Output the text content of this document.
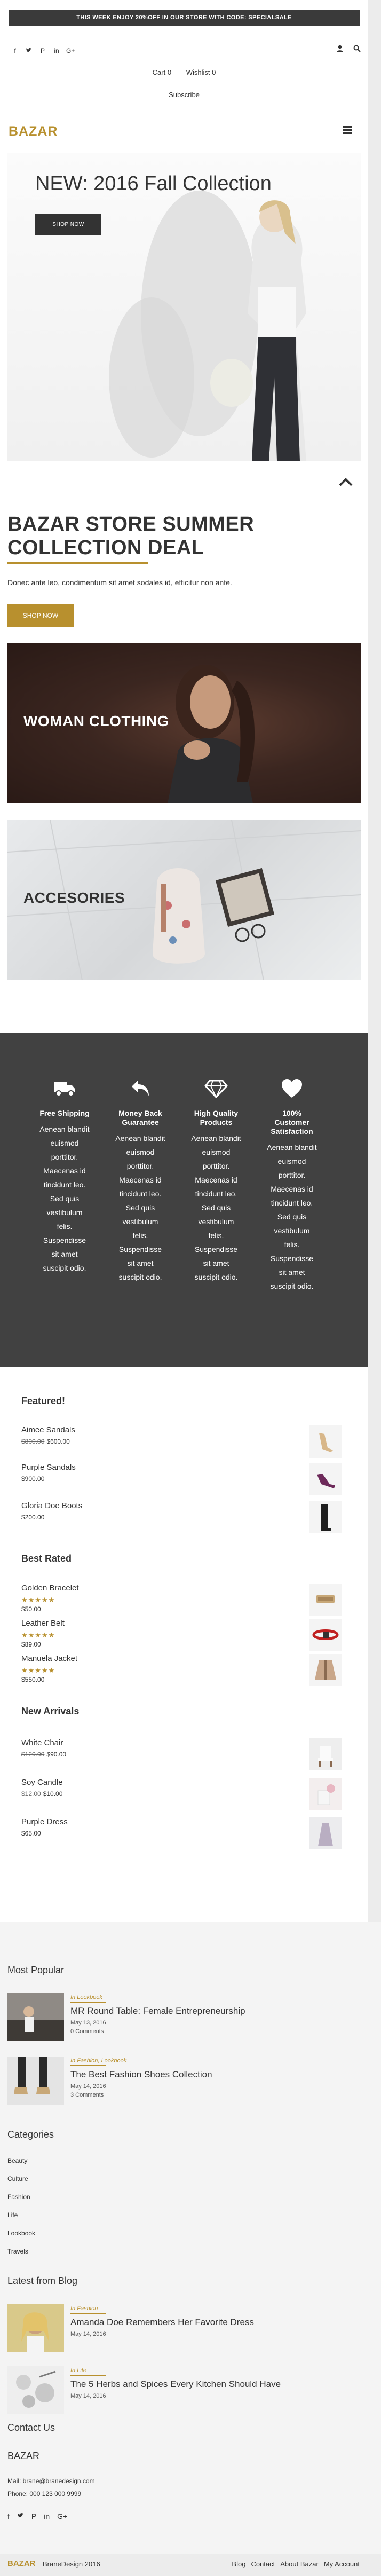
THIS WEEK ENJOY 20%OFF IN OUR STORE WITH CODE: SPECIALSALE
f	P	in G+
Cart 0 Wishlist 0
Subscribe
BAZAR
NEW: 2016 Fall Collection
SHOP NOW
BAZAR STORE SUMMER
COLLECTION DEAL
Donec ante leo, condimentum sit amet sodales id, efficitur non ante.
SHOP NOW
WOMAN CLOTHING
ACCESORIES
Free Shipping
Aenean blandit euismod porttitor. Maecenas id tincidunt leo. Sed quis vestibulum felis. Suspendisse sit amet suscipit odio.
Money Back Guarantee
Aenean blandit euismod porttitor. Maecenas id tincidunt leo. Sed quis vestibulum felis. Suspendisse sit amet suscipit odio.
High Quality Products
Aenean blandit euismod porttitor. Maecenas id tincidunt leo. Sed quis vestibulum felis. Suspendisse sit amet suscipit odio.
100% Customer Satisfaction
Aenean blandit euismod porttitor. Maecenas id tincidunt leo. Sed quis vestibulum felis. Suspendisse sit amet suscipit odio.
Featured!
Aimee Sandals
$800.00 $600.00
Purple Sandals
$900.00
Gloria Doe Boots
$200.00
Best Rated
Golden Bracelet
★★★★★
$50.00
Leather Belt
★★★★★
$89.00
Manuela Jacket
★★★★★
$550.00
New Arrivals
White Chair
$120.00 $90.00
Soy Candle
$12.00 $10.00
Purple Dress
$65.00
Most Popular
In Lookbook
MR Round Table: Female Entrepreneurship
May 13, 2016
0 Comments
In Fashion, Lookbook
The Best Fashion Shoes Collection
May 14, 2016
3 Comments
Categories
Beauty
Culture
Fashion
Life
Lookbook
Travels
Latest from Blog
In Fashion
Amanda Doe Remembers Her Favorite Dress
May 14, 2016
In Life
The 5 Herbs and Spices Every Kitchen Should Have
May 14, 2016
Contact Us
BAZAR
Mail: brane@branedesign.com
Phone: 000 123 000 9999
f	P in G+
BAZAR BraneDesign 2016	Blog Contact About Bazar My Account
